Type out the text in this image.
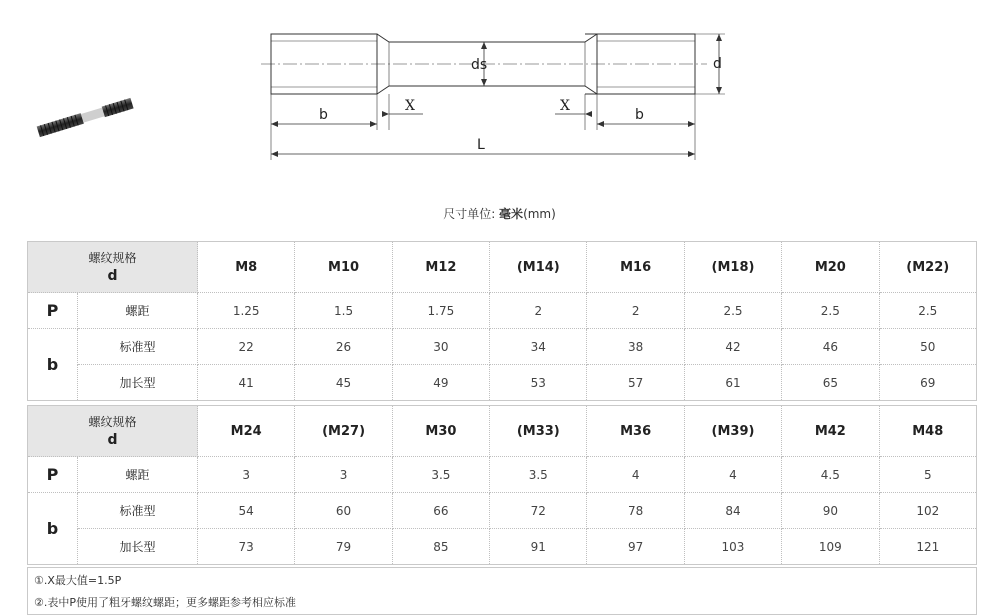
ds	d
b
X	X
b
L
尺寸单位: 毫米(mm)
螺纹规格
d		M8	M10	M12	(M14)	M16	(M18)	M20	(M22)
P	螺距	1.25	1.5	1.75	2	2	2.5	2.5	2.5
b	标准型	22	26	30	34	38	42	46	50
	加长型	41	45	49	53	57	61	65	69
螺纹规格
d		M24	(M27)	M30	(M33)	M36	(M39)	M42	M48
P	螺距	3	3	3.5	3.5	4	4	4.5	5
b	标准型	54	60	66	72	78	84	90	102
	加长型	73	79	85	91	97	103	109	121
①.X最大值=1.5P
②.表中P使用了粗牙螺纹螺距；更多螺距参考相应标准
